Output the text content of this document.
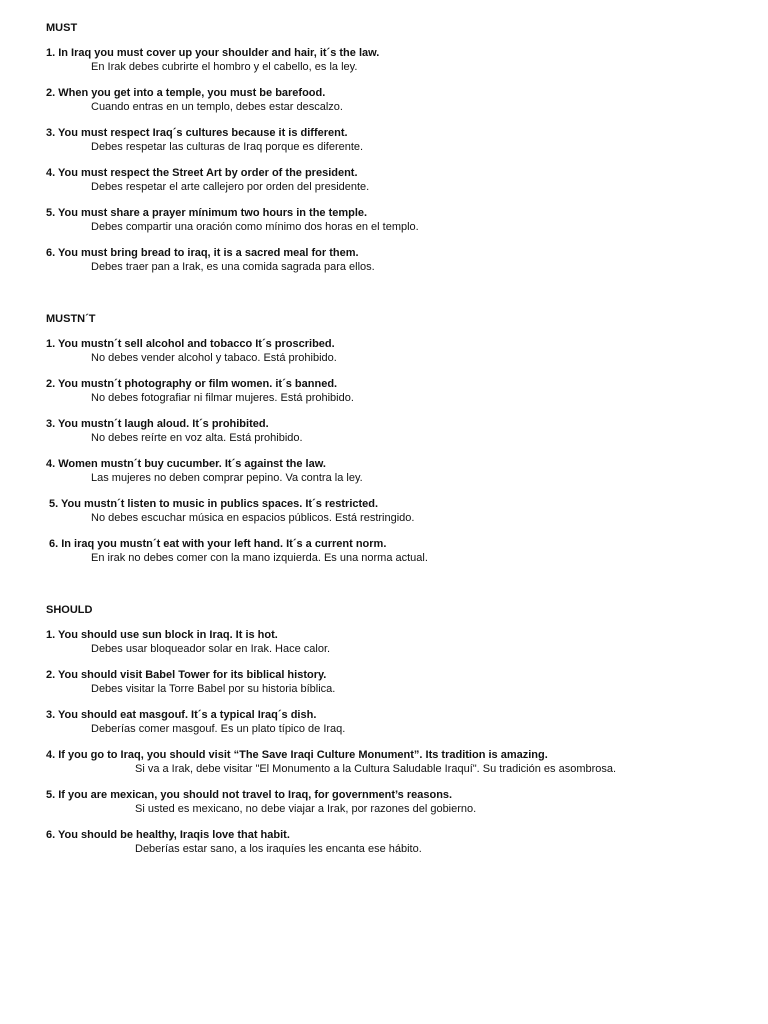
MUST
1. In Iraq you must cover up your shoulder and hair, it´s the law.
En Irak debes cubrirte el hombro y el cabello, es la ley.
2. When you get into a temple, you must be barefood.
Cuando entras en un templo, debes estar descalzo.
3. You must respect Iraq´s cultures because it is different.
Debes respetar las culturas de Iraq porque es diferente.
4. You must respect the Street Art by order of the president.
Debes respetar el arte callejero por orden del presidente.
5. You must share a prayer mínimum two hours in the temple.
Debes compartir una oración como mínimo dos horas en el templo.
6. You must bring bread to iraq, it is a sacred meal for them.
Debes traer pan a Irak, es una comida sagrada para ellos.
MUSTN´T
1. You mustn´t sell alcohol and tobacco It´s proscribed.
No debes vender alcohol y tabaco. Está prohibido.
2. You mustn´t photography or film women. it´s banned.
No debes fotografiar ni filmar mujeres. Está prohibido.
3. You mustn´t laugh aloud. It´s prohibited.
No debes reírte en voz alta. Está prohibido.
4. Women mustn´t buy cucumber. It´s against the law.
Las mujeres no deben comprar pepino. Va contra la ley.
5. You mustn´t listen to music in publics spaces. It´s restricted.
No debes escuchar música en espacios públicos. Está restringido.
6. In iraq you mustn´t eat with your left hand. It´s a current norm.
En irak no debes comer con la mano izquierda. Es una norma actual.
SHOULD
1. You should use sun block in Iraq. It is hot.
Debes usar bloqueador solar en Irak. Hace calor.
2. You should visit Babel Tower for its biblical history.
Debes visitar la Torre Babel por su historia bíblica.
3. You should eat masgouf. It´s a typical Iraq´s dish.
Deberías comer masgouf. Es un plato típico de Iraq.
4. If you go to Iraq, you should visit “The Save Iraqi Culture Monument”. Its tradition is amazing.
Si va a Irak, debe visitar "El Monumento a la Cultura Saludable Iraquí". Su tradición es asombrosa.
5. If you are mexican, you should not travel to Iraq, for government’s reasons.
Si usted es mexicano, no debe viajar a Irak, por razones del gobierno.
6. You should be healthy, Iraqis love that habit.
Deberías estar sano, a los iraquíes les encanta ese hábito.
